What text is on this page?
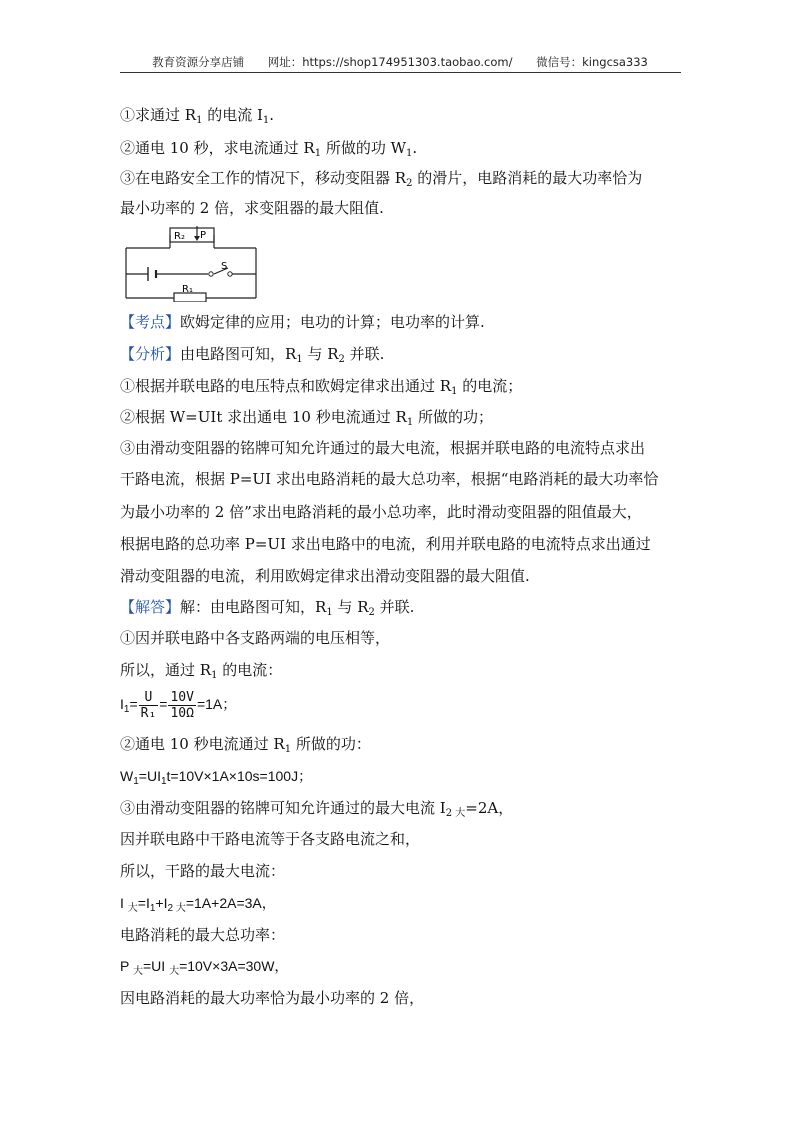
教育资源分享店铺 网址：https://shop174951303.taobao.com/ 微信号：kingcsa333
①求通过 $R_1$ 的电流 $I_1$.
②通电 10 秒，求电流通过 $R_1$ 所做的功 $W_1$.
③在电路安全工作的情况下，移动变阻器 $R_2$ 的滑片，电路消耗的最大功率恰为
最小功率的 2 倍，求变阻器的最大阻值.
R₂ P
S
R₁
【考点】欧姆定律的应用；电功的计算；电功率的计算.
【分析】由电路图可知，$R_1$ 与 $R_2$ 并联.
①根据并联电路的电压特点和欧姆定律求出通过 $R_1$ 的电流；
②根据 W=UIt 求出通电 10 秒电流通过 $R_1$ 所做的功；
③由滑动变阻器的铭牌可知允许通过的最大电流，根据并联电路的电流特点求出
干路电流，根据 P=UI 求出电路消耗的最大总功率，根据“电路消耗的最大功率恰
为最小功率的 2 倍”求出电路消耗的最小总功率，此时滑动变阻器的阻值最大，
根据电路的总功率 P=UI 求出电路中的电流，利用并联电路的电流特点求出通过
滑动变阻器的电流，利用欧姆定律求出滑动变阻器的最大阻值.
【解答】解：由电路图可知，$R_1$ 与 $R_2$ 并联.
①因并联电路中各支路两端的电压相等，
所以，通过 $R_1$ 的电流：
$I_1= \frac{U}{\text{R₁}} = \frac{10V}{10\Omega} =1A$；
②通电 10 秒电流通过 $R_1$ 所做的功：
$W_1=UI_1t=10V\times 1A\times 10s=100J$；
③由滑动变阻器的铭牌可知允许通过的最大电流 $I_{2 大}=2A$，
因并联电路中干路电流等于各支路电流之和，
所以，干路的最大电流：
I $_大=I_1+I_{2 大}=1A+2A=3A$，
电路消耗的最大总功率：
P $_大$=UI $_大$=10V×3A=30W，
因电路消耗的最大功率恰为最小功率的 2 倍，
